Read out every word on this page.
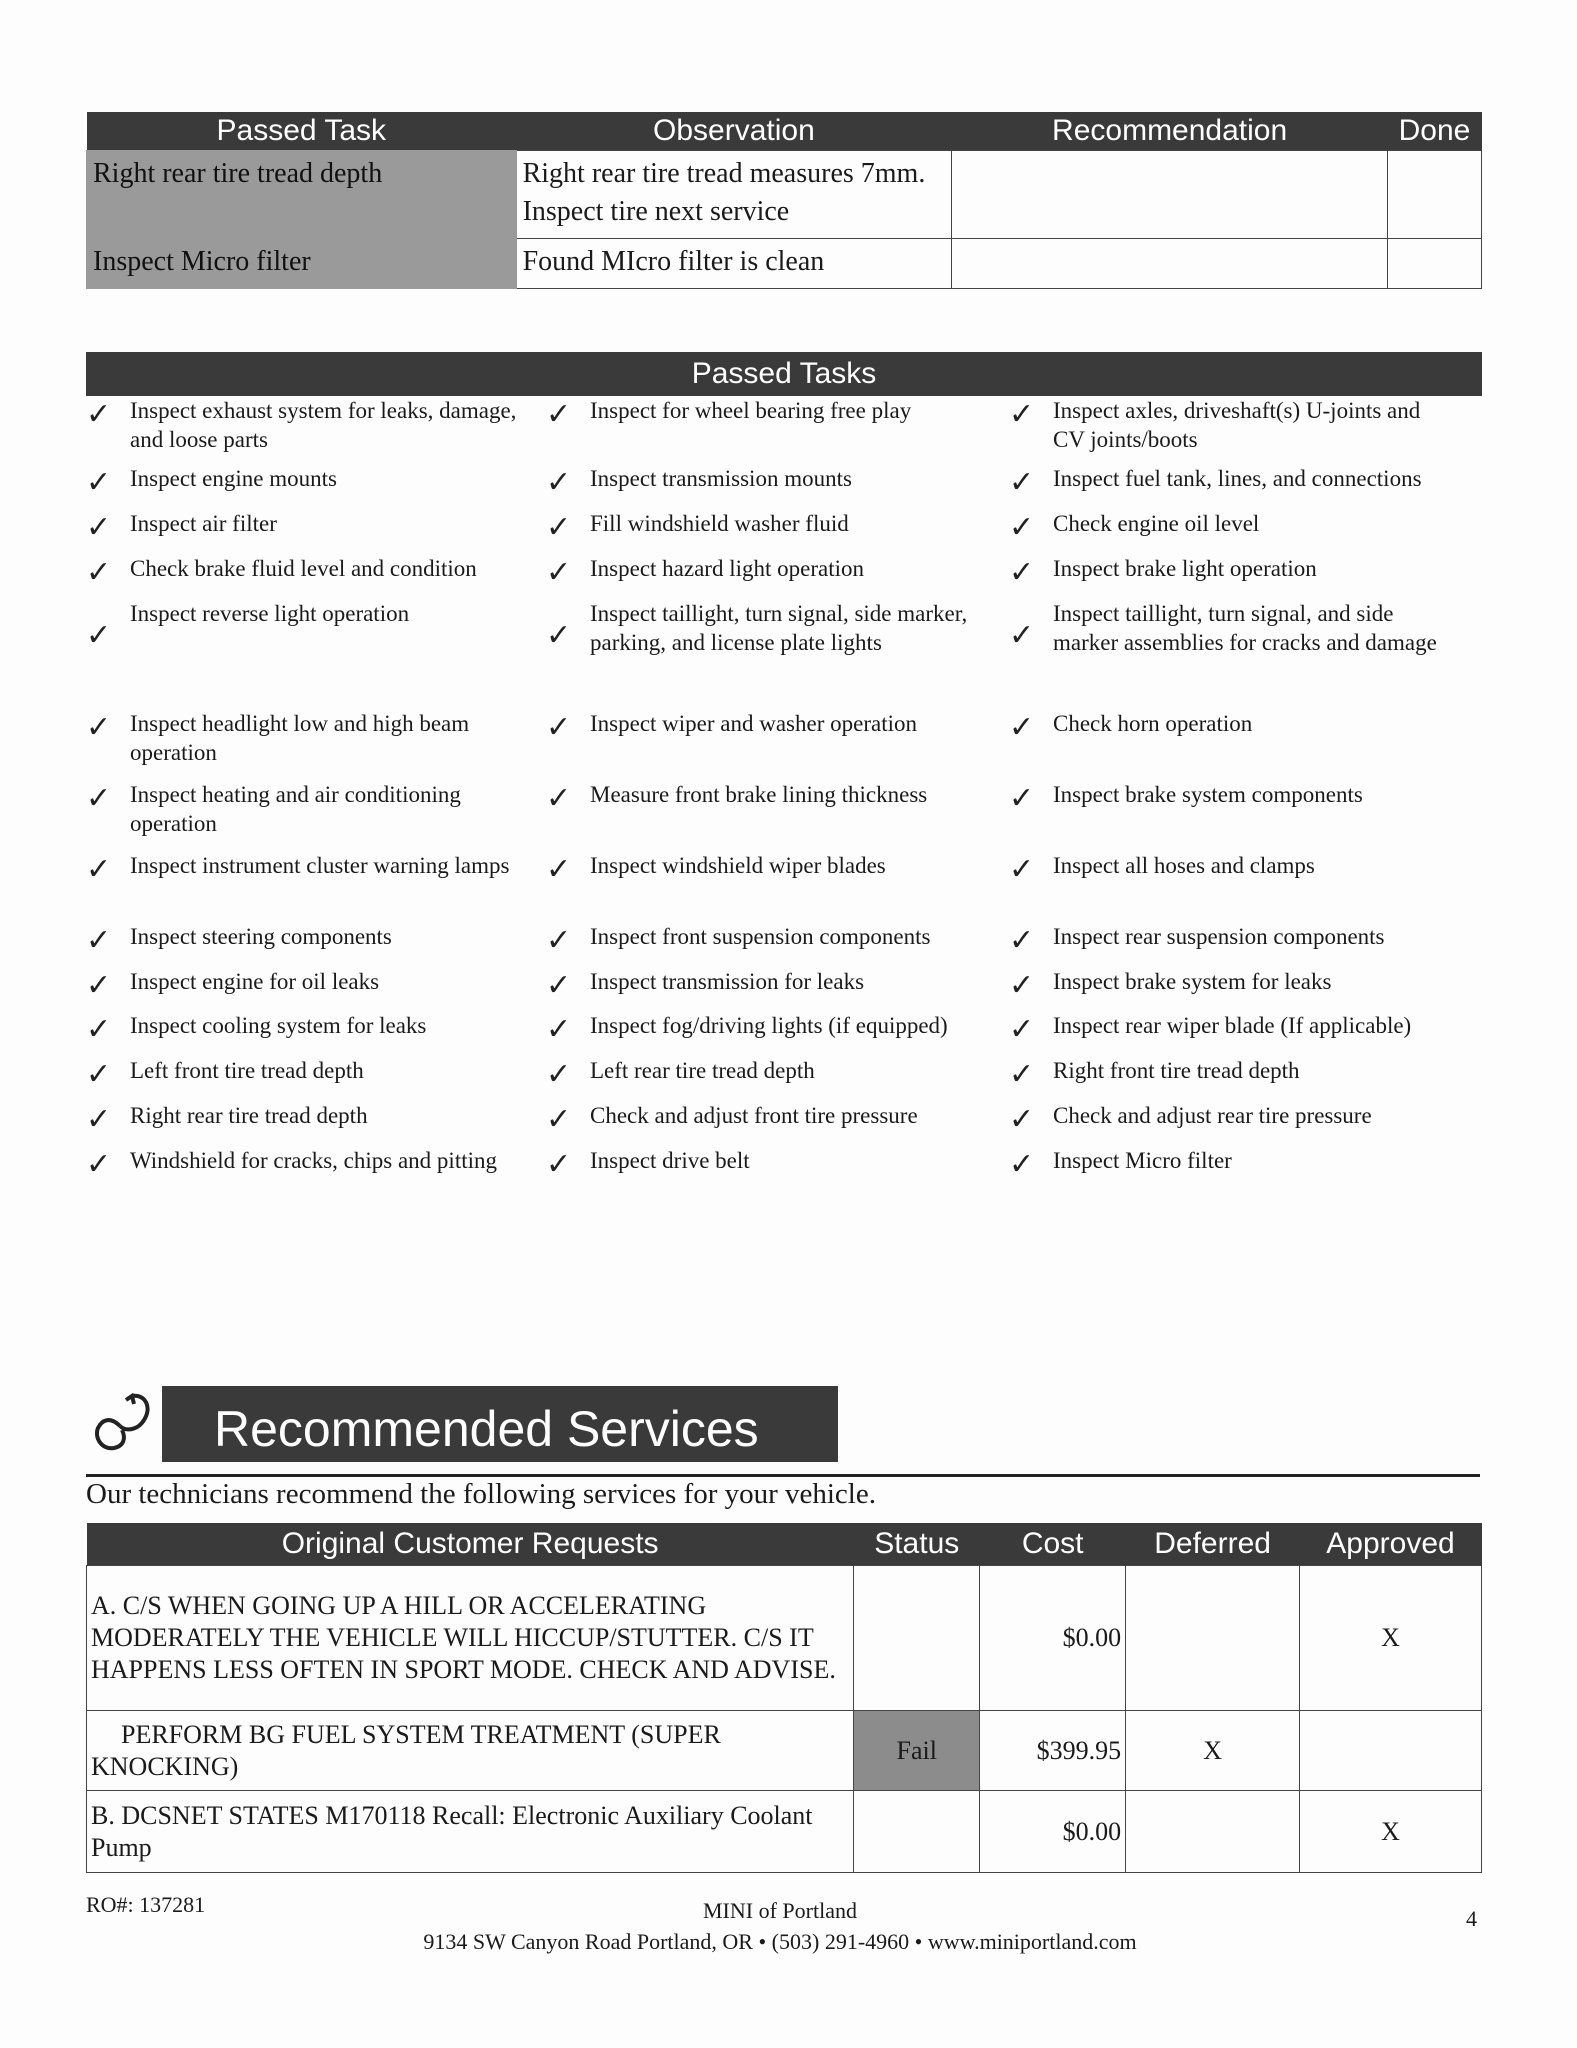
Passed Task	Observation	Recommendation	Done
Right rear tire tread depth	Right rear tire tread measures 7mm. Inspect tire next service		
Inspect Micro filter	Found MIcro filter is clean		
Passed Tasks
✓ Inspect exhaust system for leaks, damage, and loose parts
✓ Inspect engine mounts
✓ Inspect air filter
✓ Check brake fluid level and condition
✓
Inspect reverse light operation
✓ Inspect headlight low and high beam operation
✓ Inspect heating and air conditioning operation
✓ Inspect instrument cluster warning lamps
✓ Inspect steering components
✓ Inspect engine for oil leaks
✓ Inspect cooling system for leaks
✓ Left front tire tread depth
✓ Right rear tire tread depth
✓ Windshield for cracks, chips and pitting
✓ Inspect for wheel bearing free play
✓ Inspect transmission mounts
✓ Fill windshield washer fluid
✓ Inspect hazard light operation
✓
Inspect taillight, turn signal, side marker, parking, and license plate lights
✓ Inspect wiper and washer operation
✓ Measure front brake lining thickness
✓ Inspect windshield wiper blades
✓ Inspect front suspension components
✓ Inspect transmission for leaks
✓ Inspect fog/driving lights (if equipped)
✓ Left rear tire tread depth
✓ Check and adjust front tire pressure
✓ Inspect drive belt
✓ Inspect axles, driveshaft(s) U-joints and CV joints/boots
✓ Inspect fuel tank, lines, and connections
✓ Check engine oil level
✓ Inspect brake light operation
✓
Inspect taillight, turn signal, and side marker assemblies for cracks and damage
✓ Check horn operation
✓ Inspect brake system components
✓ Inspect all hoses and clamps
✓ Inspect rear suspension components
✓ Inspect brake system for leaks
✓ Inspect rear wiper blade (If applicable)
✓ Right front tire tread depth
✓ Check and adjust rear tire pressure
✓ Inspect Micro filter
Recommended Services
Our technicians recommend the following services for your vehicle.
Original Customer Requests	Status	Cost	Deferred	Approved
A. C/S WHEN GOING UP A HILL OR ACCELERATING MODERATELY THE VEHICLE WILL HICCUP/STUTTER. C/S IT HAPPENS LESS OFTEN IN SPORT MODE. CHECK AND ADVISE.		$0.00		X
PERFORM BG FUEL SYSTEM TREATMENT (SUPER KNOCKING)	Fail	$399.95	X	
B. DCSNET STATES M170118 Recall: Electronic Auxiliary Coolant Pump		$0.00		X
RO#: 137281	MINI of Portland
9134 SW Canyon Road Portland, OR • (503) 291-4960 • www.miniportland.com
4
